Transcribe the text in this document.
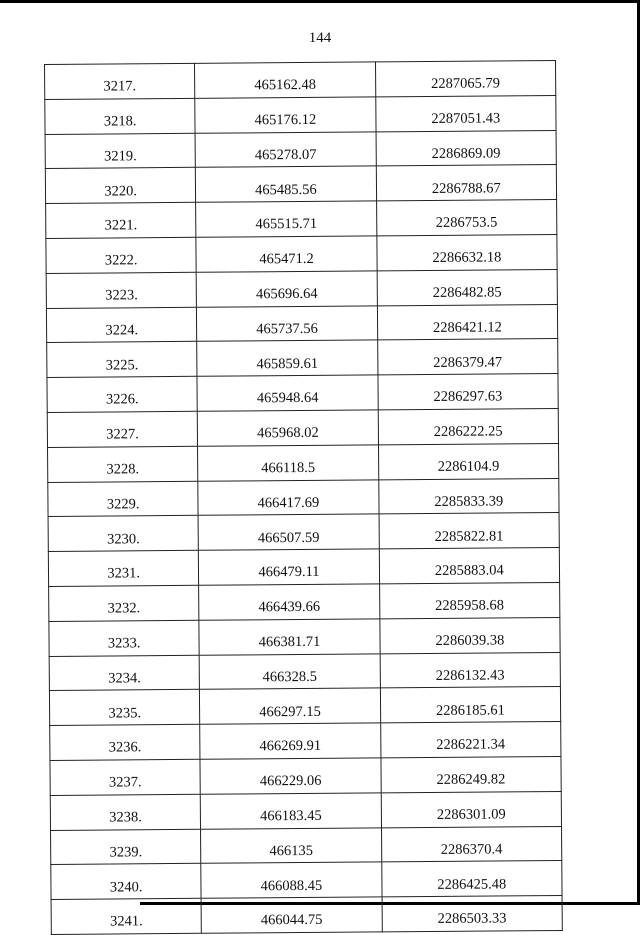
144
3217.	465162.48	2287065.79
3218.	465176.12	2287051.43
3219.	465278.07	2286869.09
3220.	465485.56	2286788.67
3221.	465515.71	2286753.5
3222.	465471.2	2286632.18
3223.	465696.64	2286482.85
3224.	465737.56	2286421.12
3225.	465859.61	2286379.47
3226.	465948.64	2286297.63
3227.	465968.02	2286222.25
3228.	466118.5	2286104.9
3229.	466417.69	2285833.39
3230.	466507.59	2285822.81
3231.	466479.11	2285883.04
3232.	466439.66	2285958.68
3233.	466381.71	2286039.38
3234.	466328.5	2286132.43
3235.	466297.15	2286185.61
3236.	466269.91	2286221.34
3237.	466229.06	2286249.82
3238.	466183.45	2286301.09
3239.	466135	2286370.4
3240.	466088.45	2286425.48
3241.	466044.75	2286503.33
